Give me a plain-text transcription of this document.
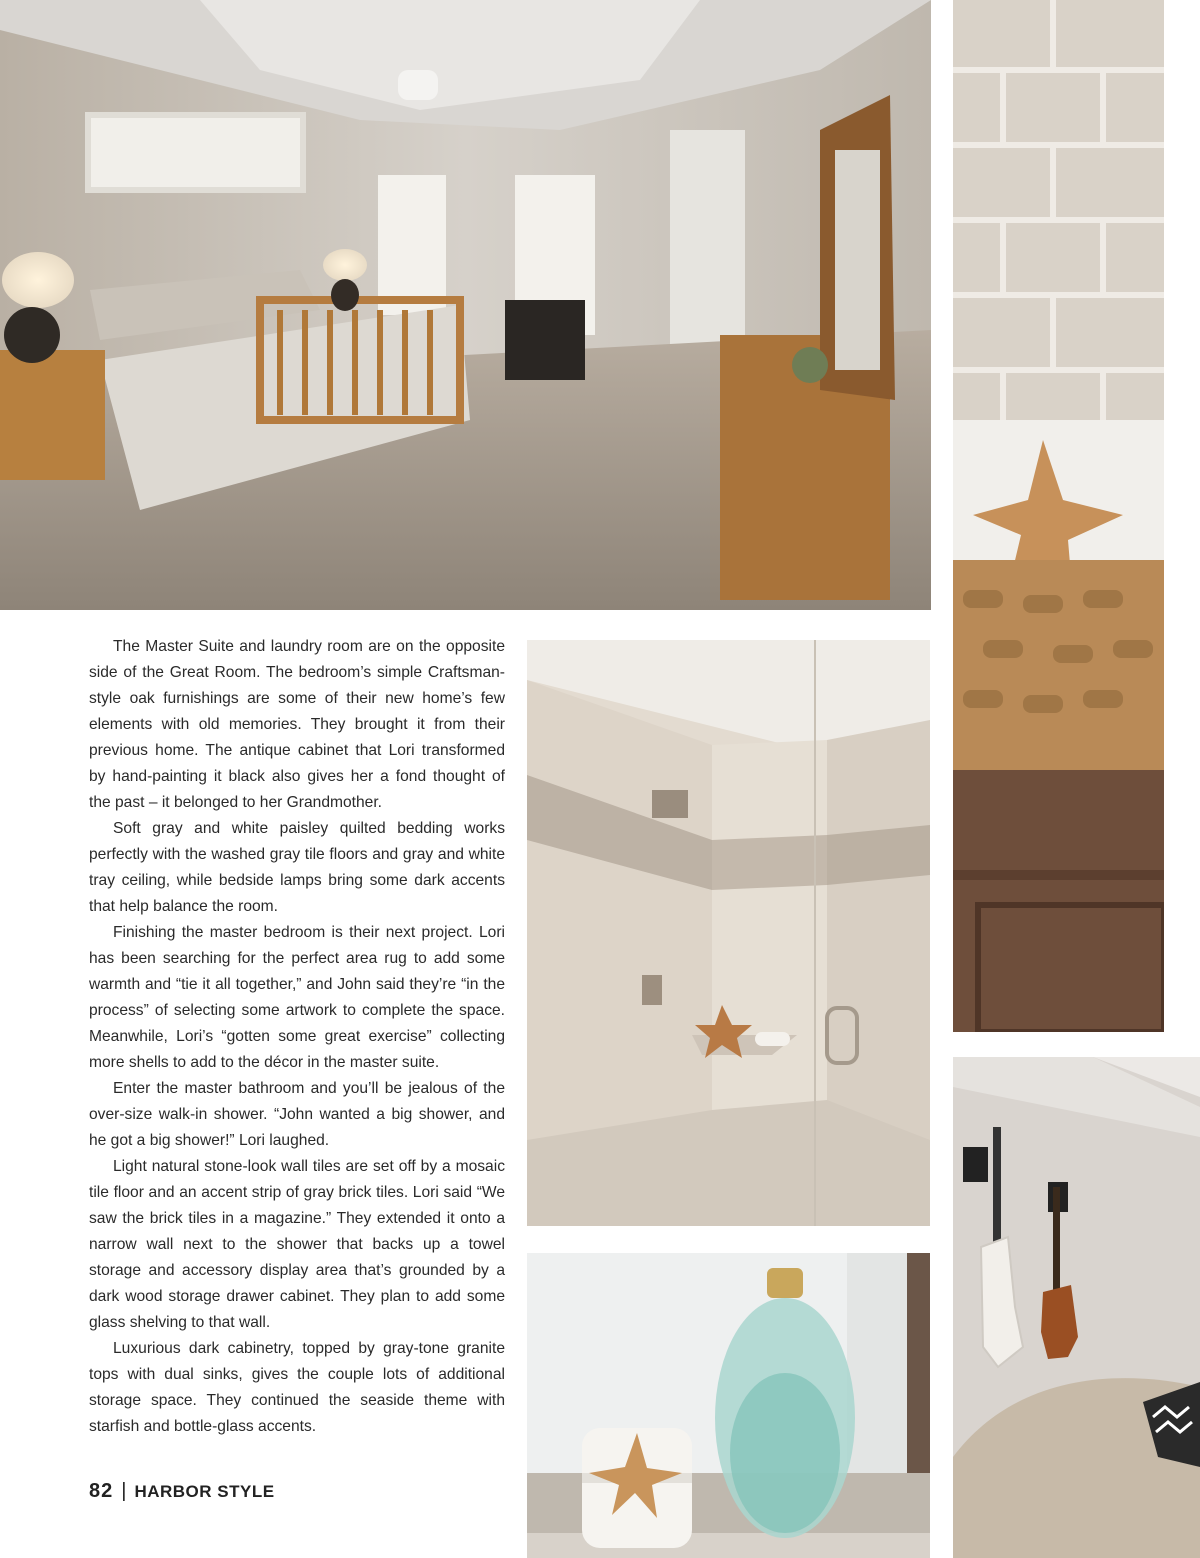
The Master Suite and laundry room are on the opposite side of the Great Room. The bedroom’s simple Craftsman-style oak furnishings are some of their new home’s few elements with old memories. They brought it from their previous home. The antique cabinet that Lori transformed by hand-painting it black also gives her a fond thought of the past – it belonged to her Grandmother.

Soft gray and white paisley quilted bedding works perfectly with the washed gray tile floors and gray and white tray ceiling, while bedside lamps bring some dark accents that help balance the room.

Finishing the master bedroom is their next project. Lori has been searching for the perfect area rug to add some warmth and “tie it all together,” and John said they’re “in the process” of selecting some artwork to complete the space. Meanwhile, Lori’s “gotten some great exercise” collecting more shells to add to the décor in the master suite.

Enter the master bathroom and you’ll be jealous of the over-size walk-in shower. “John wanted a big shower, and he got a big shower!” Lori laughed.

Light natural stone-look wall tiles are set off by a mosaic tile floor and an accent strip of gray brick tiles. Lori said “We saw the brick tiles in a magazine.” They extended it onto a narrow wall next to the shower that backs up a towel storage and accessory display area that’s grounded by a dark wood storage drawer cabinet. They plan to add some glass shelving to that wall.

Luxurious dark cabinetry, topped by gray-tone granite tops with dual sinks, gives the couple lots of additional storage space. They continued the seaside theme with starfish and bottle-glass accents.

82 | HARBOR STYLE
